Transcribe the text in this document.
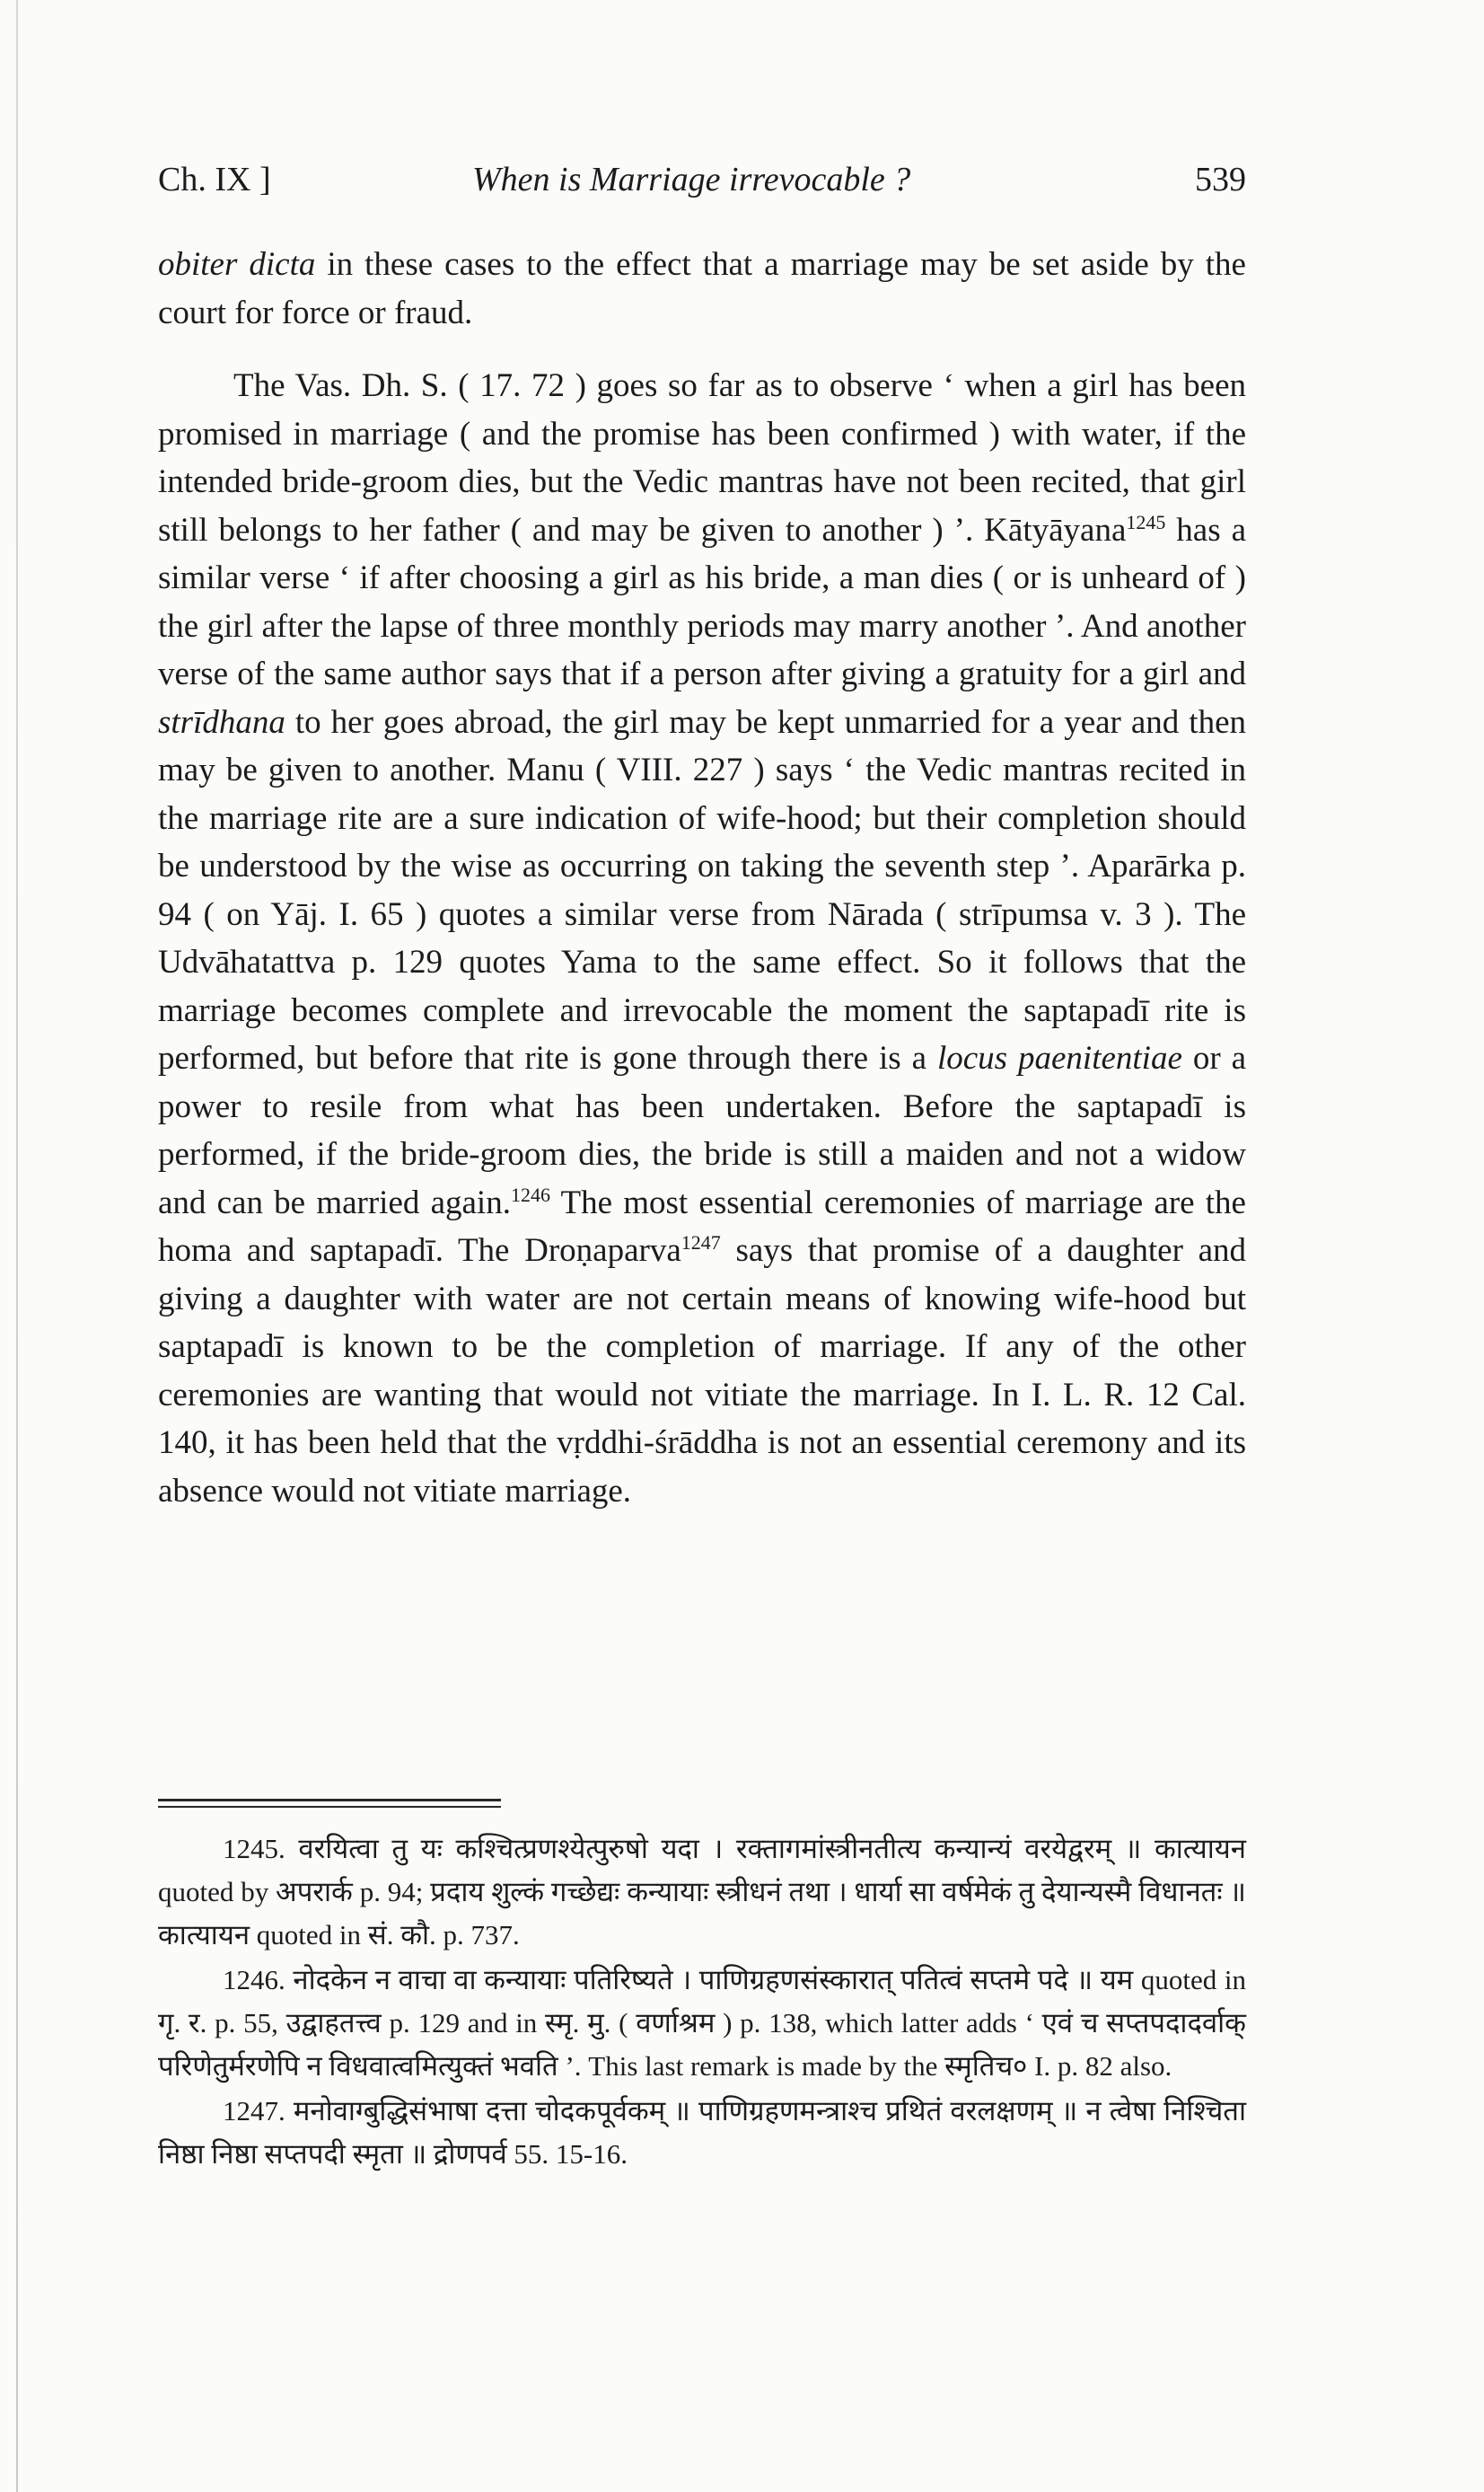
Ch. IX ]	When is Marriage irrevocable ?	539

obiter dicta in these cases to the effect that a marriage may be set aside by the court for force or fraud.

The Vas. Dh. S. ( 17. 72 ) goes so far as to observe ‘ when a girl has been promised in marriage ( and the promise has been confirmed ) with water, if the intended bride-groom dies, but the Vedic mantras have not been recited, that girl still belongs to her father ( and may be given to another ) ’. Kātyāyana$^{1245}$ has a similar verse ‘ if after choosing a girl as his bride, a man dies ( or is unheard of ) the girl after the lapse of three monthly periods may marry another ’. And another verse of the same author says that if a person after giving a gratuity for a girl and strīdhana to her goes abroad, the girl may be kept unmarried for a year and then may be given to another. Manu ( VIII. 227 ) says ‘ the Vedic mantras recited in the marriage rite are a sure indication of wife-hood; but their completion should be understood by the wise as occurring on taking the seventh step ’. Aparārka p. 94 ( on Yāj. I. 65 ) quotes a similar verse from Nārada ( strīpumsa v. 3 ). The Udvāhatattva p. 129 quotes Yama to the same effect. So it follows that the marriage becomes complete and irrevocable the moment the saptapadī rite is performed, but before that rite is gone through there is a locus paenitentiae or a power to resile from what has been undertaken. Before the saptapadī is performed, if the bride-groom dies, the bride is still a maiden and not a widow and can be married again.$^{1246}$ The most essential ceremonies of marriage are the homa and saptapadī. The Droṇaparva$^{1247}$ says that promise of a daughter and giving a daughter with water are not certain means of knowing wife-hood but saptapadī is known to be the completion of marriage. If any of the other ceremonies are wanting that would not vitiate the marriage. In I. L. R. 12 Cal. 140, it has been held that the vṛddhi-śrāddha is not an essential ceremony and its absence would not vitiate marriage.

1245. वरयित्वा तु यः कश्चित्प्रणश्येत्पुरुषो यदा । रक्तागमांस्त्रीनतीत्य कन्यान्यं वरयेद्वरम् ॥ कात्यायन quoted by अपरार्क p. 94; प्रदाय शुल्कं गच्छेद्यः कन्यायाः स्त्रीधनं तथा । धार्या सा वर्षमेकं तु देयान्यस्मै विधानतः ॥ कात्यायन quoted in सं. कौ. p. 737.

1246. नोदकेन न वाचा वा कन्यायाः पतिरिष्यते । पाणिग्रहणसंस्कारात् पतित्वं सप्तमे पदे ॥ यम quoted in गृ. र. p. 55, उद्वाहतत्त्व p. 129 and in स्मृ. मु. ( वर्णाश्रम ) p. 138, which latter adds ‘ एवं च सप्तपदादर्वाक् परिणेतुर्मरणेपि न विधवात्वमित्युक्तं भवति ’. This last remark is made by the स्मृतिच० I. p. 82 also.

1247. मनोवाग्बुद्धिसंभाषा दत्ता चोदकपूर्वकम् ॥ पाणिग्रहणमन्त्राश्च प्रथितं वरलक्षणम् ॥ न त्वेषा निश्चिता निष्ठा निष्ठा सप्तपदी स्मृता ॥ द्रोणपर्व 55. 15-16.
